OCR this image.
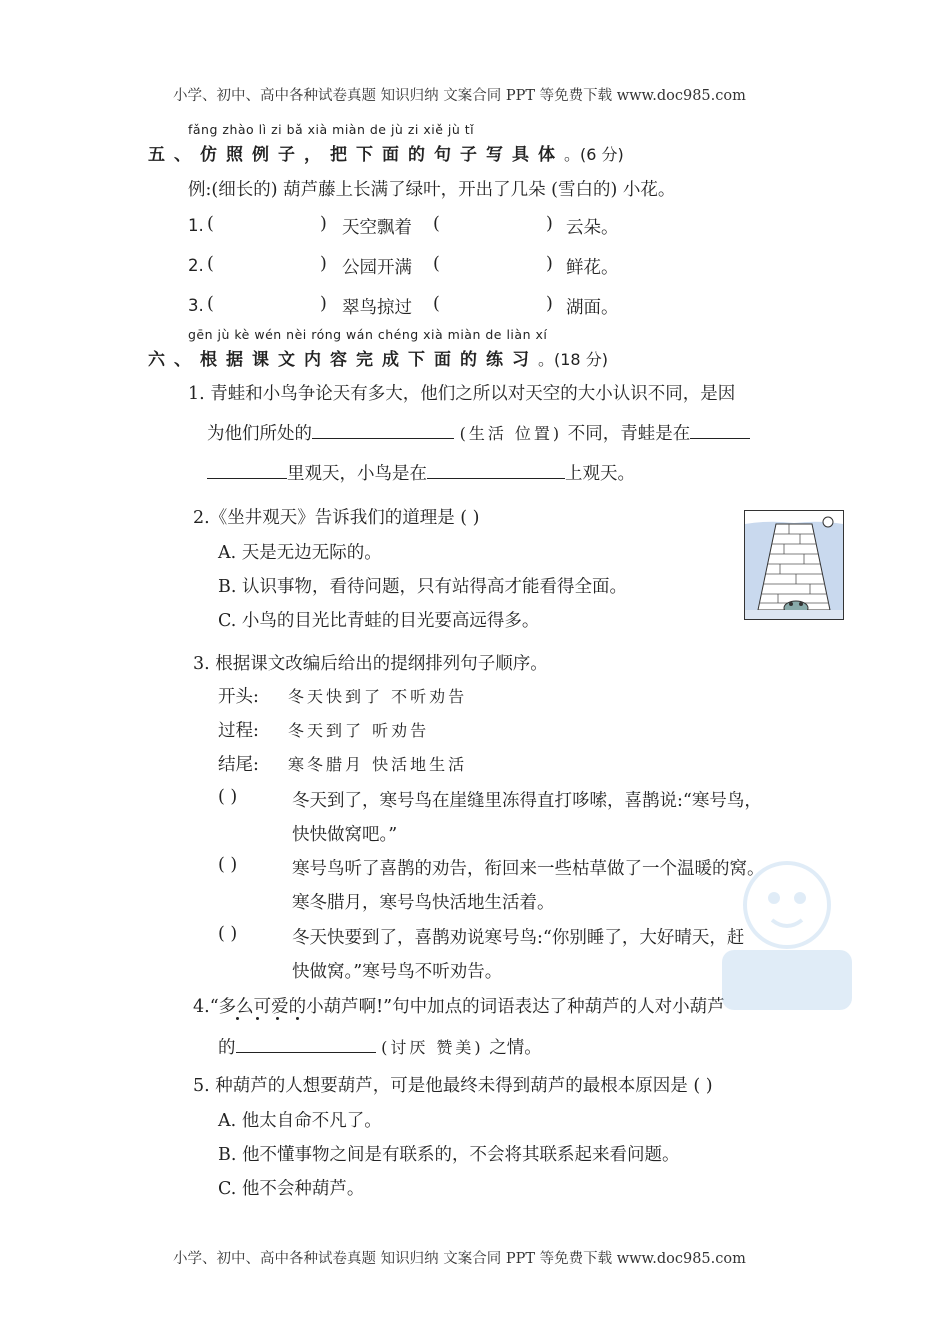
小学、初中、高中各种试卷真题 知识归纳 文案合同 PPT 等免费下载 www.doc985.com
fǎng zhào lì zi bǎ xià miàn de jù zi xiě jù tǐ
五、仿照例子，把下面的句子写具体。(6 分)
例:(细长的) 葫芦藤上长满了绿叶，开出了几朵 (雪白的) 小花。
1. (	) 天空飘着 (	) 云朵。
2. (	) 公园开满 (	) 鲜花。
3. (	) 翠鸟掠过 (	) 湖面。
gēn jù kè wén nèi róng wán chéng xià miàn de liàn xí
六、根据课文内容完成下面的练习。(18 分)
1. 青蛙和小鸟争论天有多大，他们之所以对天空的大小认识不同，是因
为他们所处的	(生活 位置) 不同，青蛙是在
里观天，小鸟是在	上观天。
2.《坐井观天》告诉我们的道理是 ( )
A. 天是无边无际的。
B. 认识事物，看待问题，只有站得高才能看得全面。
C. 小鸟的目光比青蛙的目光要高远得多。
3. 根据课文改编后给出的提纲排列句子顺序。
开头: 冬天快到了 不听劝告
过程: 冬天到了 听劝告
结尾: 寒冬腊月 快活地生活
( )	冬天到了，寒号鸟在崖缝里冻得直打哆嗦，喜鹊说:“寒号鸟，
快快做窝吧。”
( )	寒号鸟听了喜鹊的劝告，衔回来一些枯草做了一个温暖的窝。
寒冬腊月，寒号鸟快活地生活着。
( )	冬天快要到了，喜鹊劝说寒号鸟:“你别睡了，大好晴天，赶
快做窝。”寒号鸟不听劝告。
4.“多么可爱的小葫芦啊!”句中加点的词语表达了种葫芦的人对小葫芦
的	(讨厌 赞美) 之情。
5. 种葫芦的人想要葫芦，可是他最终未得到葫芦的最根本原因是 ( )
A. 他太自命不凡了。
B. 他不懂事物之间是有联系的，不会将其联系起来看问题。
C. 他不会种葫芦。
小学、初中、高中各种试卷真题 知识归纳 文案合同 PPT 等免费下载 www.doc985.com
